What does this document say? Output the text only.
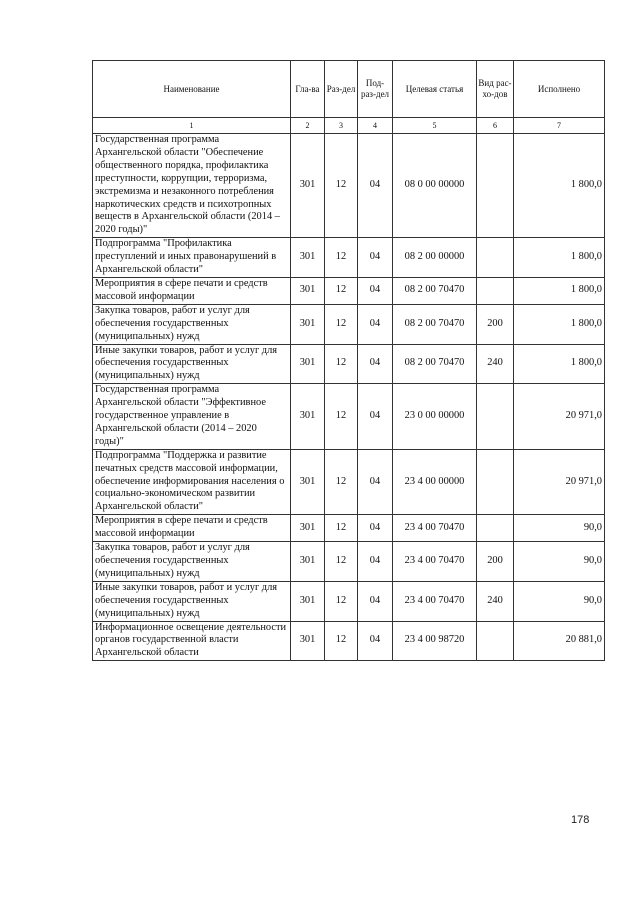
Наименование	Гла-ва	Раз-дел	Под-раз-дел	Целевая статья	Вид рас-хо-дов	Исполнено
1	2	3	4	5	6	7
Государственная программа Архангельской области "Обеспечение общественного порядка, профилактика преступности, коррупции, терроризма, экстремизма и незаконного потребления наркотических средств и психотропных веществ в Архангельской области (2014 – 2020 годы)"	301	12	04	08 0 00 00000		1 800,0
Подпрограмма "Профилактика преступлений и иных правонарушений в Архангельской области"	301	12	04	08 2 00 00000		1 800,0
Мероприятия в сфере печати и средств массовой информации	301	12	04	08 2 00 70470		1 800,0
Закупка товаров, работ и услуг для обеспечения государственных (муниципальных) нужд	301	12	04	08 2 00 70470	200	1 800,0
Иные закупки товаров, работ и услуг для обеспечения государственных (муниципальных) нужд	301	12	04	08 2 00 70470	240	1 800,0
Государственная программа Архангельской области "Эффективное государственное управление в Архангельской области (2014 – 2020 годы)"	301	12	04	23 0 00 00000		20 971,0
Подпрограмма "Поддержка и развитие печатных средств массовой информации, обеспечение информирования населения о социально-экономическом развитии Архангельской области"	301	12	04	23 4 00 00000		20 971,0
Мероприятия в сфере печати и средств массовой информации	301	12	04	23 4 00 70470		90,0
Закупка товаров, работ и услуг для обеспечения государственных (муниципальных) нужд	301	12	04	23 4 00 70470	200	90,0
Иные закупки товаров, работ и услуг для обеспечения государственных (муниципальных) нужд	301	12	04	23 4 00 70470	240	90,0
Информационное освещение деятельности органов государственной власти Архангельской области	301	12	04	23 4 00 98720		20 881,0
178
